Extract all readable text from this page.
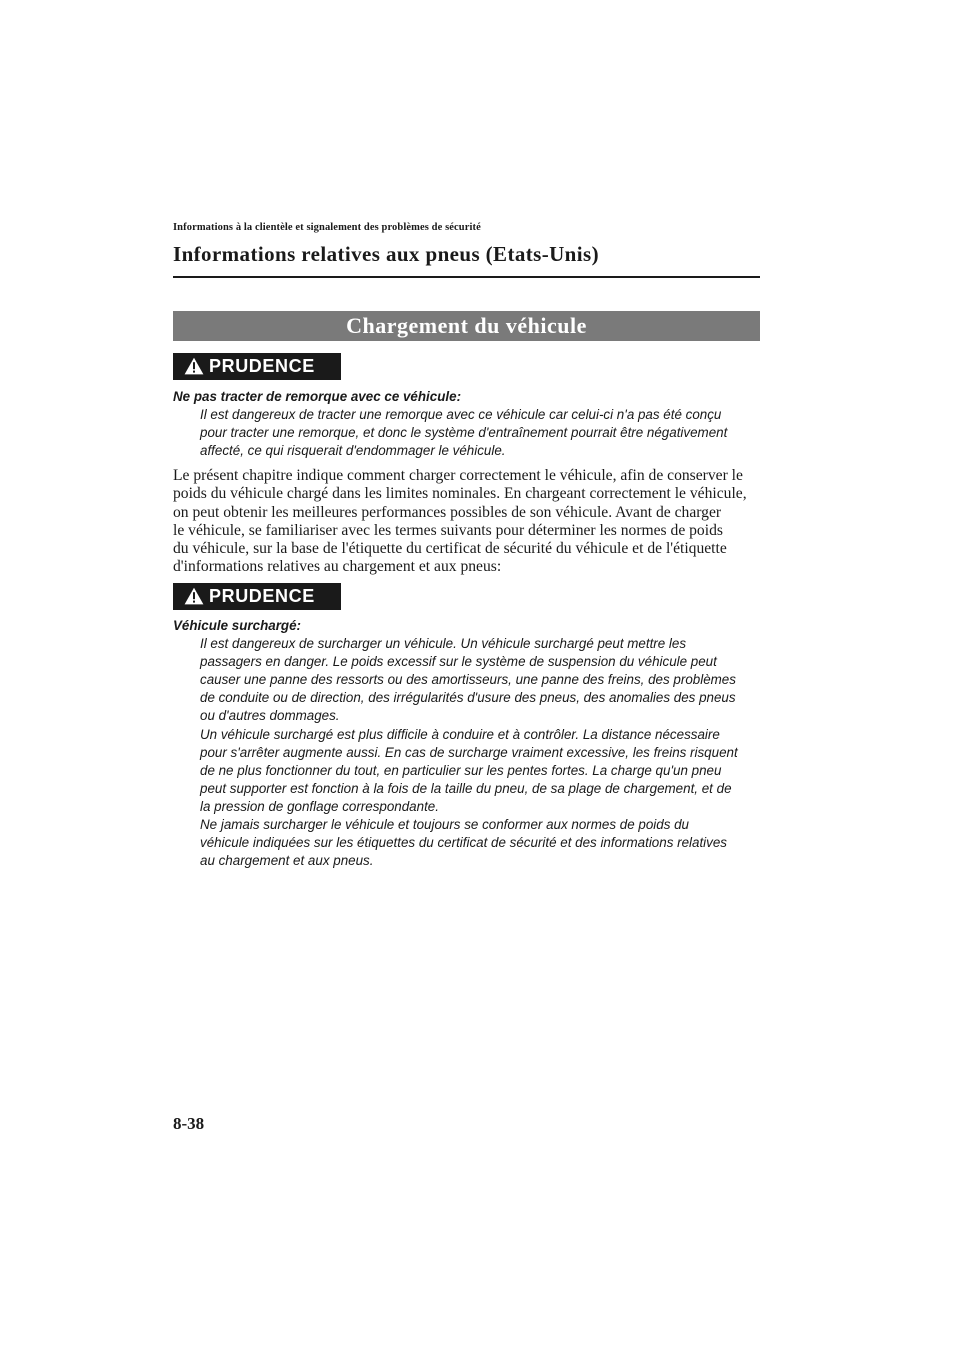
Informations à la clientèle et signalement des problèmes de sécurité
Informations relatives aux pneus (Etats-Unis)
Chargement du véhicule
PRUDENCE

Ne pas tracter de remorque avec ce véhicule:

Il est dangereux de tracter une remorque avec ce véhicule car celui-ci n'a pas été conçu
pour tracter une remorque, et donc le système d'entraînement pourrait être négativement
affecté, ce qui risquerait d'endommager le véhicule.

Le présent chapitre indique comment charger correctement le véhicule, afin de conserver le
poids du véhicule chargé dans les limites nominales. En chargeant correctement le véhicule,
on peut obtenir les meilleures performances possibles de son véhicule. Avant de charger
le véhicule, se familiariser avec les termes suivants pour déterminer les normes de poids
du véhicule, sur la base de l'étiquette du certificat de sécurité du véhicule et de l'étiquette
d'informations relatives au chargement et aux pneus:

PRUDENCE

Véhicule surchargé:

Il est dangereux de surcharger un véhicule. Un véhicule surchargé peut mettre les
passagers en danger. Le poids excessif sur le système de suspension du véhicule peut
causer une panne des ressorts ou des amortisseurs, une panne des freins, des problèmes
de conduite ou de direction, des irrégularités d'usure des pneus, des anomalies des pneus
ou d'autres dommages.
Un véhicule surchargé est plus difficile à conduire et à contrôler. La distance nécessaire
pour s'arrêter augmente aussi. En cas de surcharge vraiment excessive, les freins risquent
de ne plus fonctionner du tout, en particulier sur les pentes fortes. La charge qu'un pneu
peut supporter est fonction à la fois de la taille du pneu, de sa plage de chargement, et de
la pression de gonflage correspondante.
Ne jamais surcharger le véhicule et toujours se conformer aux normes de poids du
véhicule indiquées sur les étiquettes du certificat de sécurité et des informations relatives
au chargement et aux pneus.

8-38
